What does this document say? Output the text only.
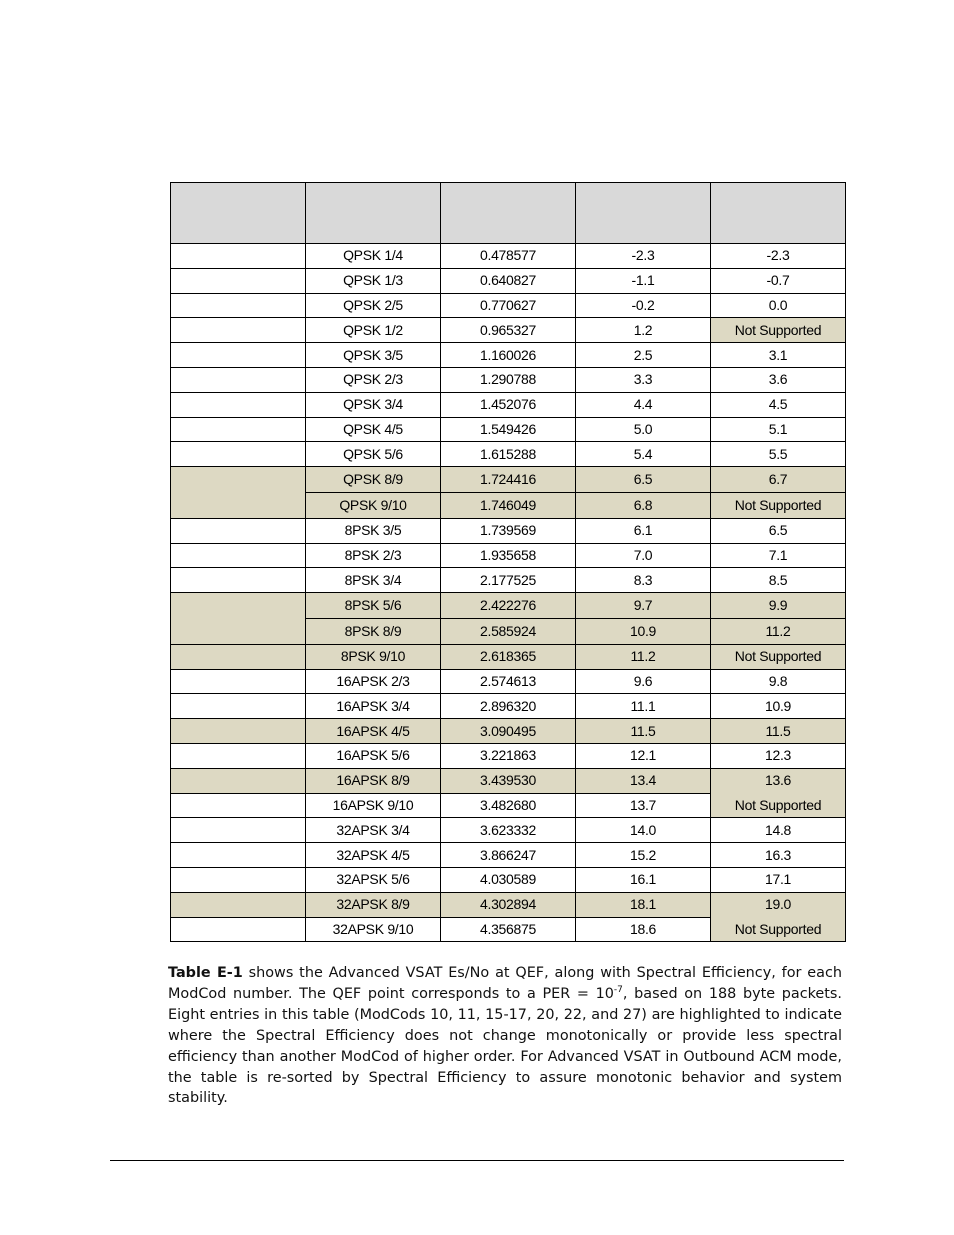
	QPSK 1/4	0.478577	-2.3	-2.3
	QPSK 1/3	0.640827	-1.1	-0.7
	QPSK 2/5	0.770627	-0.2	0.0
	QPSK 1/2	0.965327	1.2	Not Supported
	QPSK 3/5	1.160026	2.5	3.1
	QPSK 2/3	1.290788	3.3	3.6
	QPSK 3/4	1.452076	4.4	4.5
	QPSK 4/5	1.549426	5.0	5.1
	QPSK 5/6	1.615288	5.4	5.5
	QPSK 8/9	1.724416	6.5	6.7
	QPSK 9/10	1.746049	6.8	Not Supported
	8PSK 3/5	1.739569	6.1	6.5
	8PSK 2/3	1.935658	7.0	7.1
	8PSK 3/4	2.177525	8.3	8.5
	8PSK 5/6	2.422276	9.7	9.9
	8PSK 8/9	2.585924	10.9	11.2
	8PSK 9/10	2.618365	11.2	Not Supported
	16APSK 2/3	2.574613	9.6	9.8
	16APSK 3/4	2.896320	11.1	10.9
	16APSK 4/5	3.090495	11.5	11.5
	16APSK 5/6	3.221863	12.1	12.3
	16APSK 8/9	3.439530	13.4	13.6
	16APSK 9/10	3.482680	13.7	Not Supported
	32APSK 3/4	3.623332	14.0	14.8
	32APSK 4/5	3.866247	15.2	16.3
	32APSK 5/6	4.030589	16.1	17.1
	32APSK 8/9	4.302894	18.1	19.0
	32APSK 9/10	4.356875	18.6	Not Supported

Table E-1 shows the Advanced VSAT Es/No at QEF, along with Spectral Efficiency, for each ModCod number. The QEF point corresponds to a PER = $10^{-7}$, based on 188 byte packets. Eight entries in this table (ModCods 10, 11, 15-17, 20, 22, and 27) are highlighted to indicate where the Spectral Efficiency does not change monotonically or provide less spectral efficiency than another ModCod of higher order. For Advanced VSAT in Outbound ACM mode, the table is re-sorted by Spectral Efficiency to assure monotonic behavior and system stability.
